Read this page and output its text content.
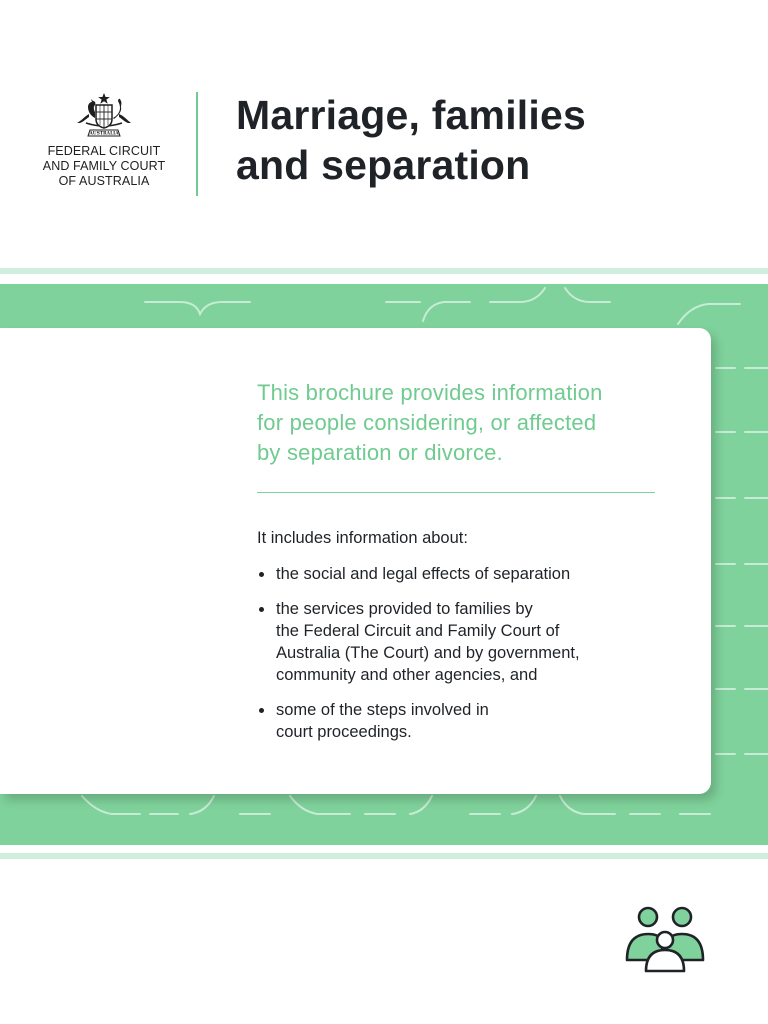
AUSTRALIA
FEDERAL CIRCUIT
AND FAMILY COURT
OF AUSTRALIA
Marriage, families
and separation

This brochure provides information
for people considering, or affected
by separation or divorce.

It includes information about:

the social and legal effects of separation
the services provided to families by
the Federal Circuit and Family Court of
Australia (The Court) and by government,
community and other agencies, and
some of the steps involved in
court proceedings.
